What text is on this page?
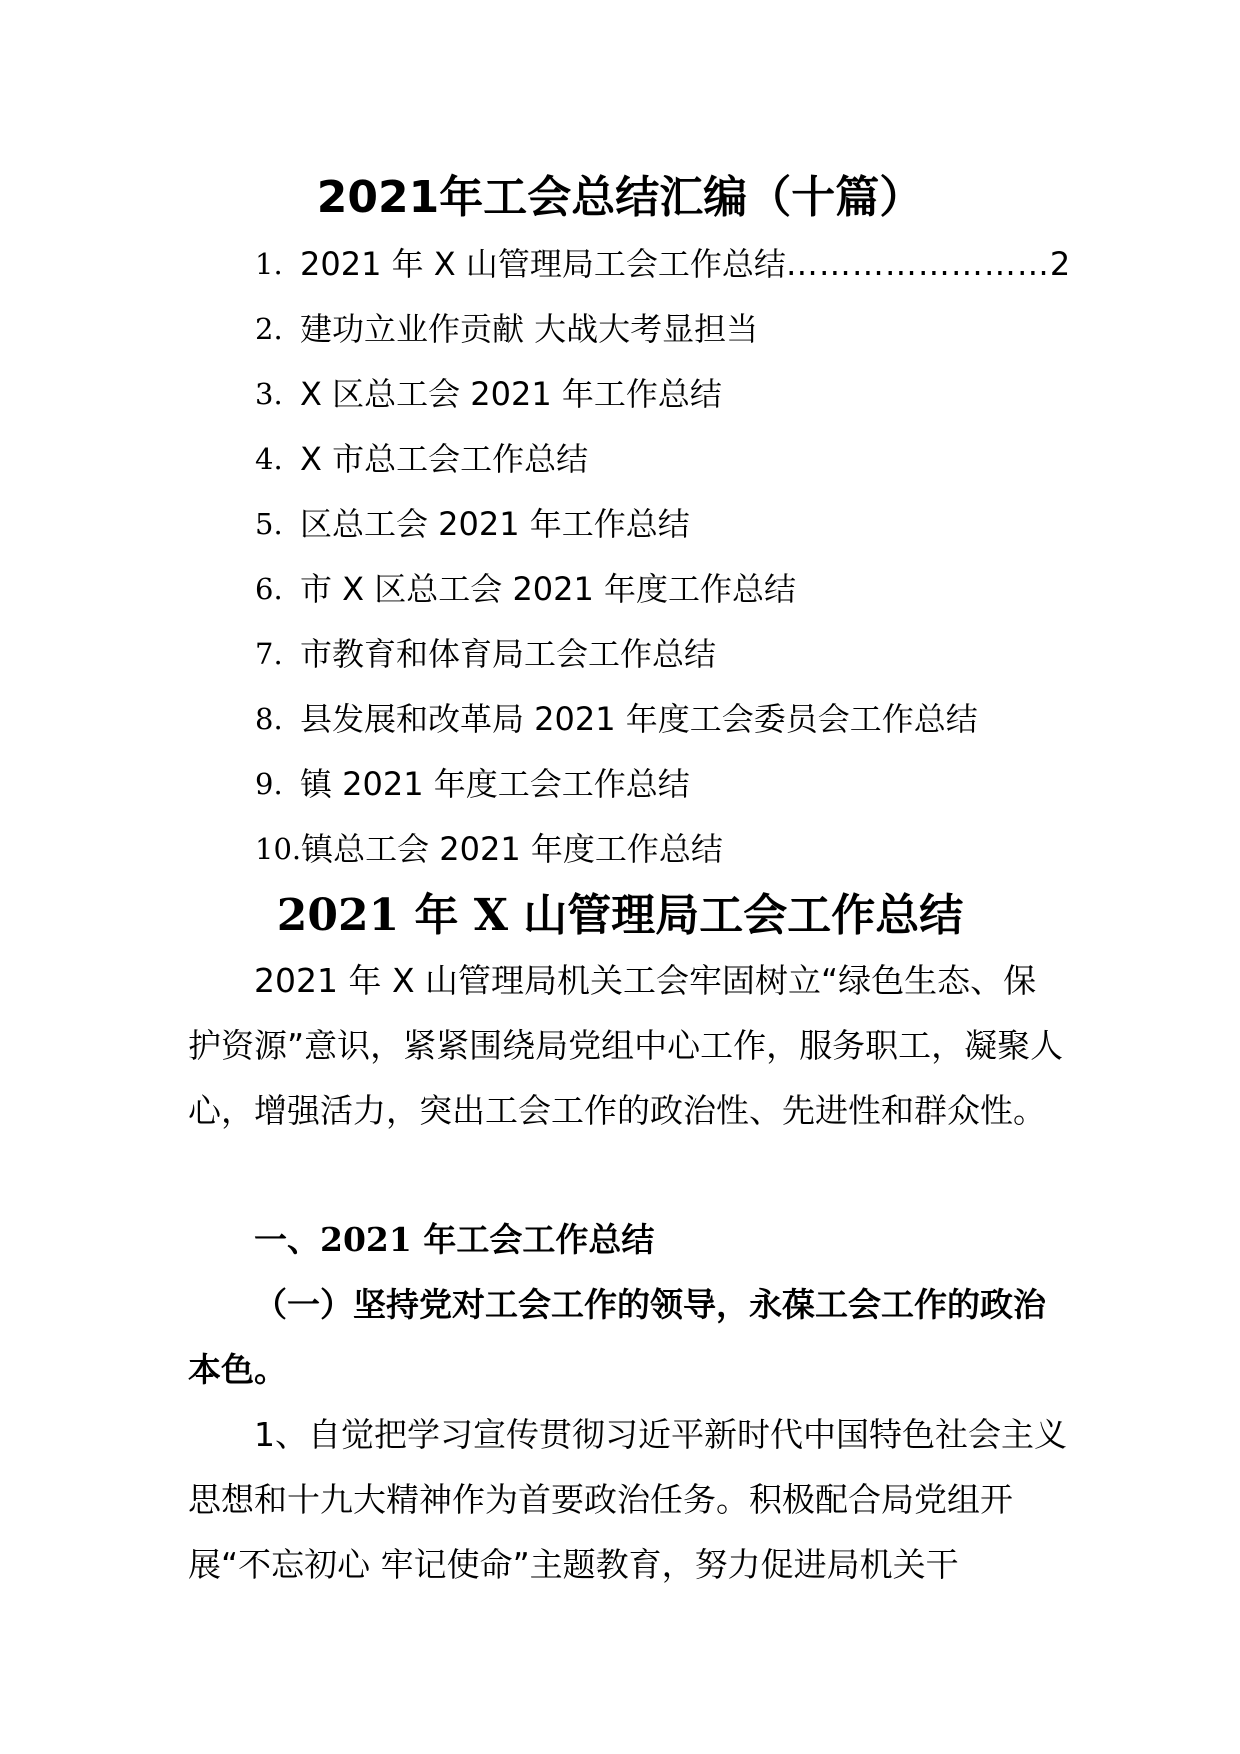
2021年工会总结汇编（十篇）
1. 2021 年 X 山管理局工会工作总结 …………………… 2
2. 建功立业作贡献 大战大考显担当
3. X 区总工会 2021 年工作总结
4. X 市总工会工作总结
5. 区总工会 2021 年工作总结
6. 市 X 区总工会 2021 年度工作总结
7. 市教育和体育局工会工作总结
8. 县发展和改革局 2021 年度工会委员会工作总结
9. 镇 2021 年度工会工作总结
10. 镇总工会 2021 年度工作总结
2021 年 X 山管理局工会工作总结

2021 年 X 山管理局机关工会牢固树立“绿色生态、保护资源”意识，紧紧围绕局党组中心工作，服务职工，凝聚人心，增强活力，突出工会工作的政治性、先进性和群众性。

一、2021 年工会工作总结

（一）坚持党对工会工作的领导，永葆工会工作的政治本色。

1、自觉把学习宣传贯彻习近平新时代中国特色社会主义思想和十九大精神作为首要政治任务。积极配合局党组开展“不忘初心 牢记使命”主题教育，努力促进局机关干
